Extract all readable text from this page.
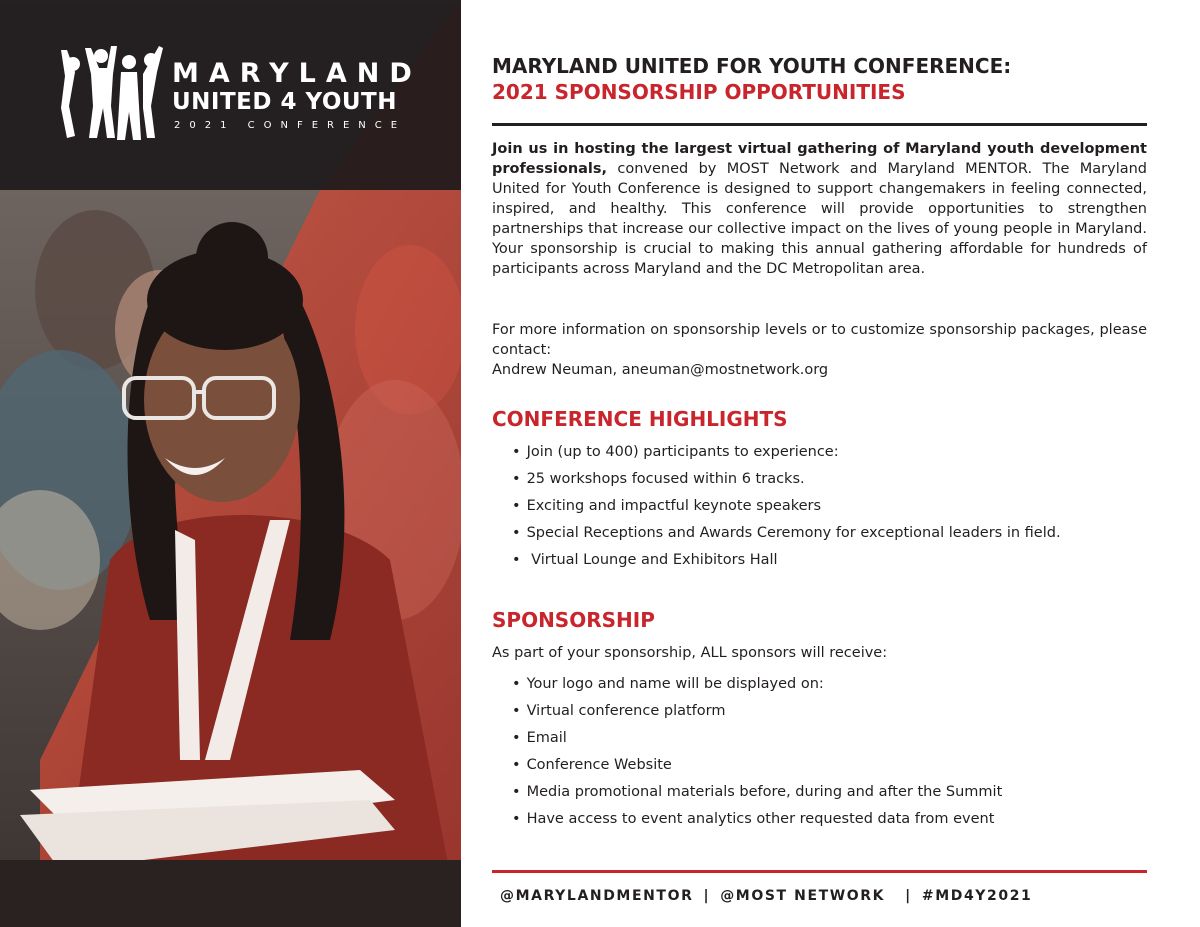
MARYLAND
UNITED 4 YOUTH
2021 CONFERENCE
MARYLAND UNITED FOR YOUTH CONFERENCE:
2021 SPONSORSHIP OPPORTUNITIES

Join us in hosting the largest virtual gathering of Maryland youth development professionals, convened by MOST Network and Maryland MENTOR. The Maryland United for Youth Conference is designed to support changemakers in feeling connected, inspired, and healthy. This conference will provide opportunities to strengthen partnerships that increase our collective impact on the lives of young people in Maryland. Your sponsorship is crucial to making this annual gathering affordable for hundreds of participants across Maryland and the DC Metropolitan area.

For more information on sponsorship levels or to customize sponsorship packages, please contact:
Andrew Neuman, aneuman@mostnetwork.org

CONFERENCE HIGHLIGHTS
• Join (up to 400) participants to experience:
• 25 workshops focused within 6 tracks.
• Exciting and impactful keynote speakers
• Special Receptions and Awards Ceremony for exceptional leaders in field.
•  Virtual Lounge and Exhibitors Hall
SPONSORSHIP
As part of your sponsorship, ALL sponsors will receive:
• Your logo and name will be displayed on:
• Virtual conference platform
• Email
• Conference Website
• Media promotional materials before, during and after the Summit
• Have access to event analytics other requested data from event
@MARYLANDMENTOR | @MOST NETWORK | #MD4Y2021
